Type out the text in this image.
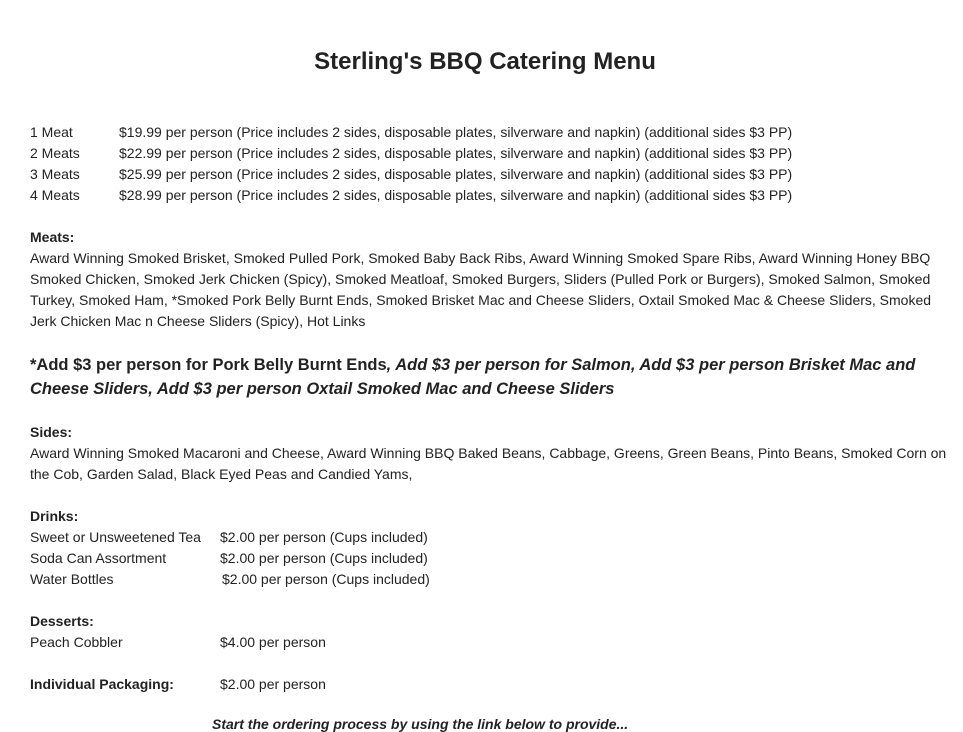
Sterling's BBQ Catering Menu
1 Meat	$19.99 per person (Price includes 2 sides, disposable plates, silverware and napkin) (additional sides $3 PP)
2 Meats	$22.99 per person (Price includes 2 sides, disposable plates, silverware and napkin) (additional sides $3 PP)
3 Meats	$25.99 per person (Price includes 2 sides, disposable plates, silverware and napkin) (additional sides $3 PP)
4 Meats	$28.99 per person (Price includes 2 sides, disposable plates, silverware and napkin) (additional sides $3 PP)
Meats:
Award Winning Smoked Brisket, Smoked Pulled Pork, Smoked Baby Back Ribs, Award Winning Smoked Spare Ribs, Award Winning Honey BBQ Smoked Chicken, Smoked Jerk Chicken (Spicy), Smoked Meatloaf, Smoked Burgers, Sliders (Pulled Pork or Burgers), Smoked Salmon, Smoked Turkey, Smoked Ham, *Smoked Pork Belly Burnt Ends, Smoked Brisket Mac and Cheese Sliders, Oxtail Smoked Mac & Cheese Sliders, Smoked Jerk Chicken Mac n Cheese Sliders (Spicy), Hot Links
*Add $3 per person for Pork Belly Burnt Ends, Add $3 per person for Salmon, Add $3 per person Brisket Mac and Cheese Sliders, Add $3 per person Oxtail Smoked Mac and Cheese Sliders
Sides:
Award Winning Smoked Macaroni and Cheese, Award Winning BBQ Baked Beans, Cabbage, Greens, Green Beans, Pinto Beans, Smoked Corn on the Cob, Garden Salad, Black Eyed Peas and Candied Yams,
Drinks:
Sweet or Unsweetened Tea $2.00 per person (Cups included)
Soda Can Assortment	$2.00 per person (Cups included)
Water Bottles	$2.00 per person (Cups included)
Desserts:
Peach Cobbler	$4.00 per person
Individual Packaging:	$2.00 per person
Start the ordering process by using the link below to provide...
